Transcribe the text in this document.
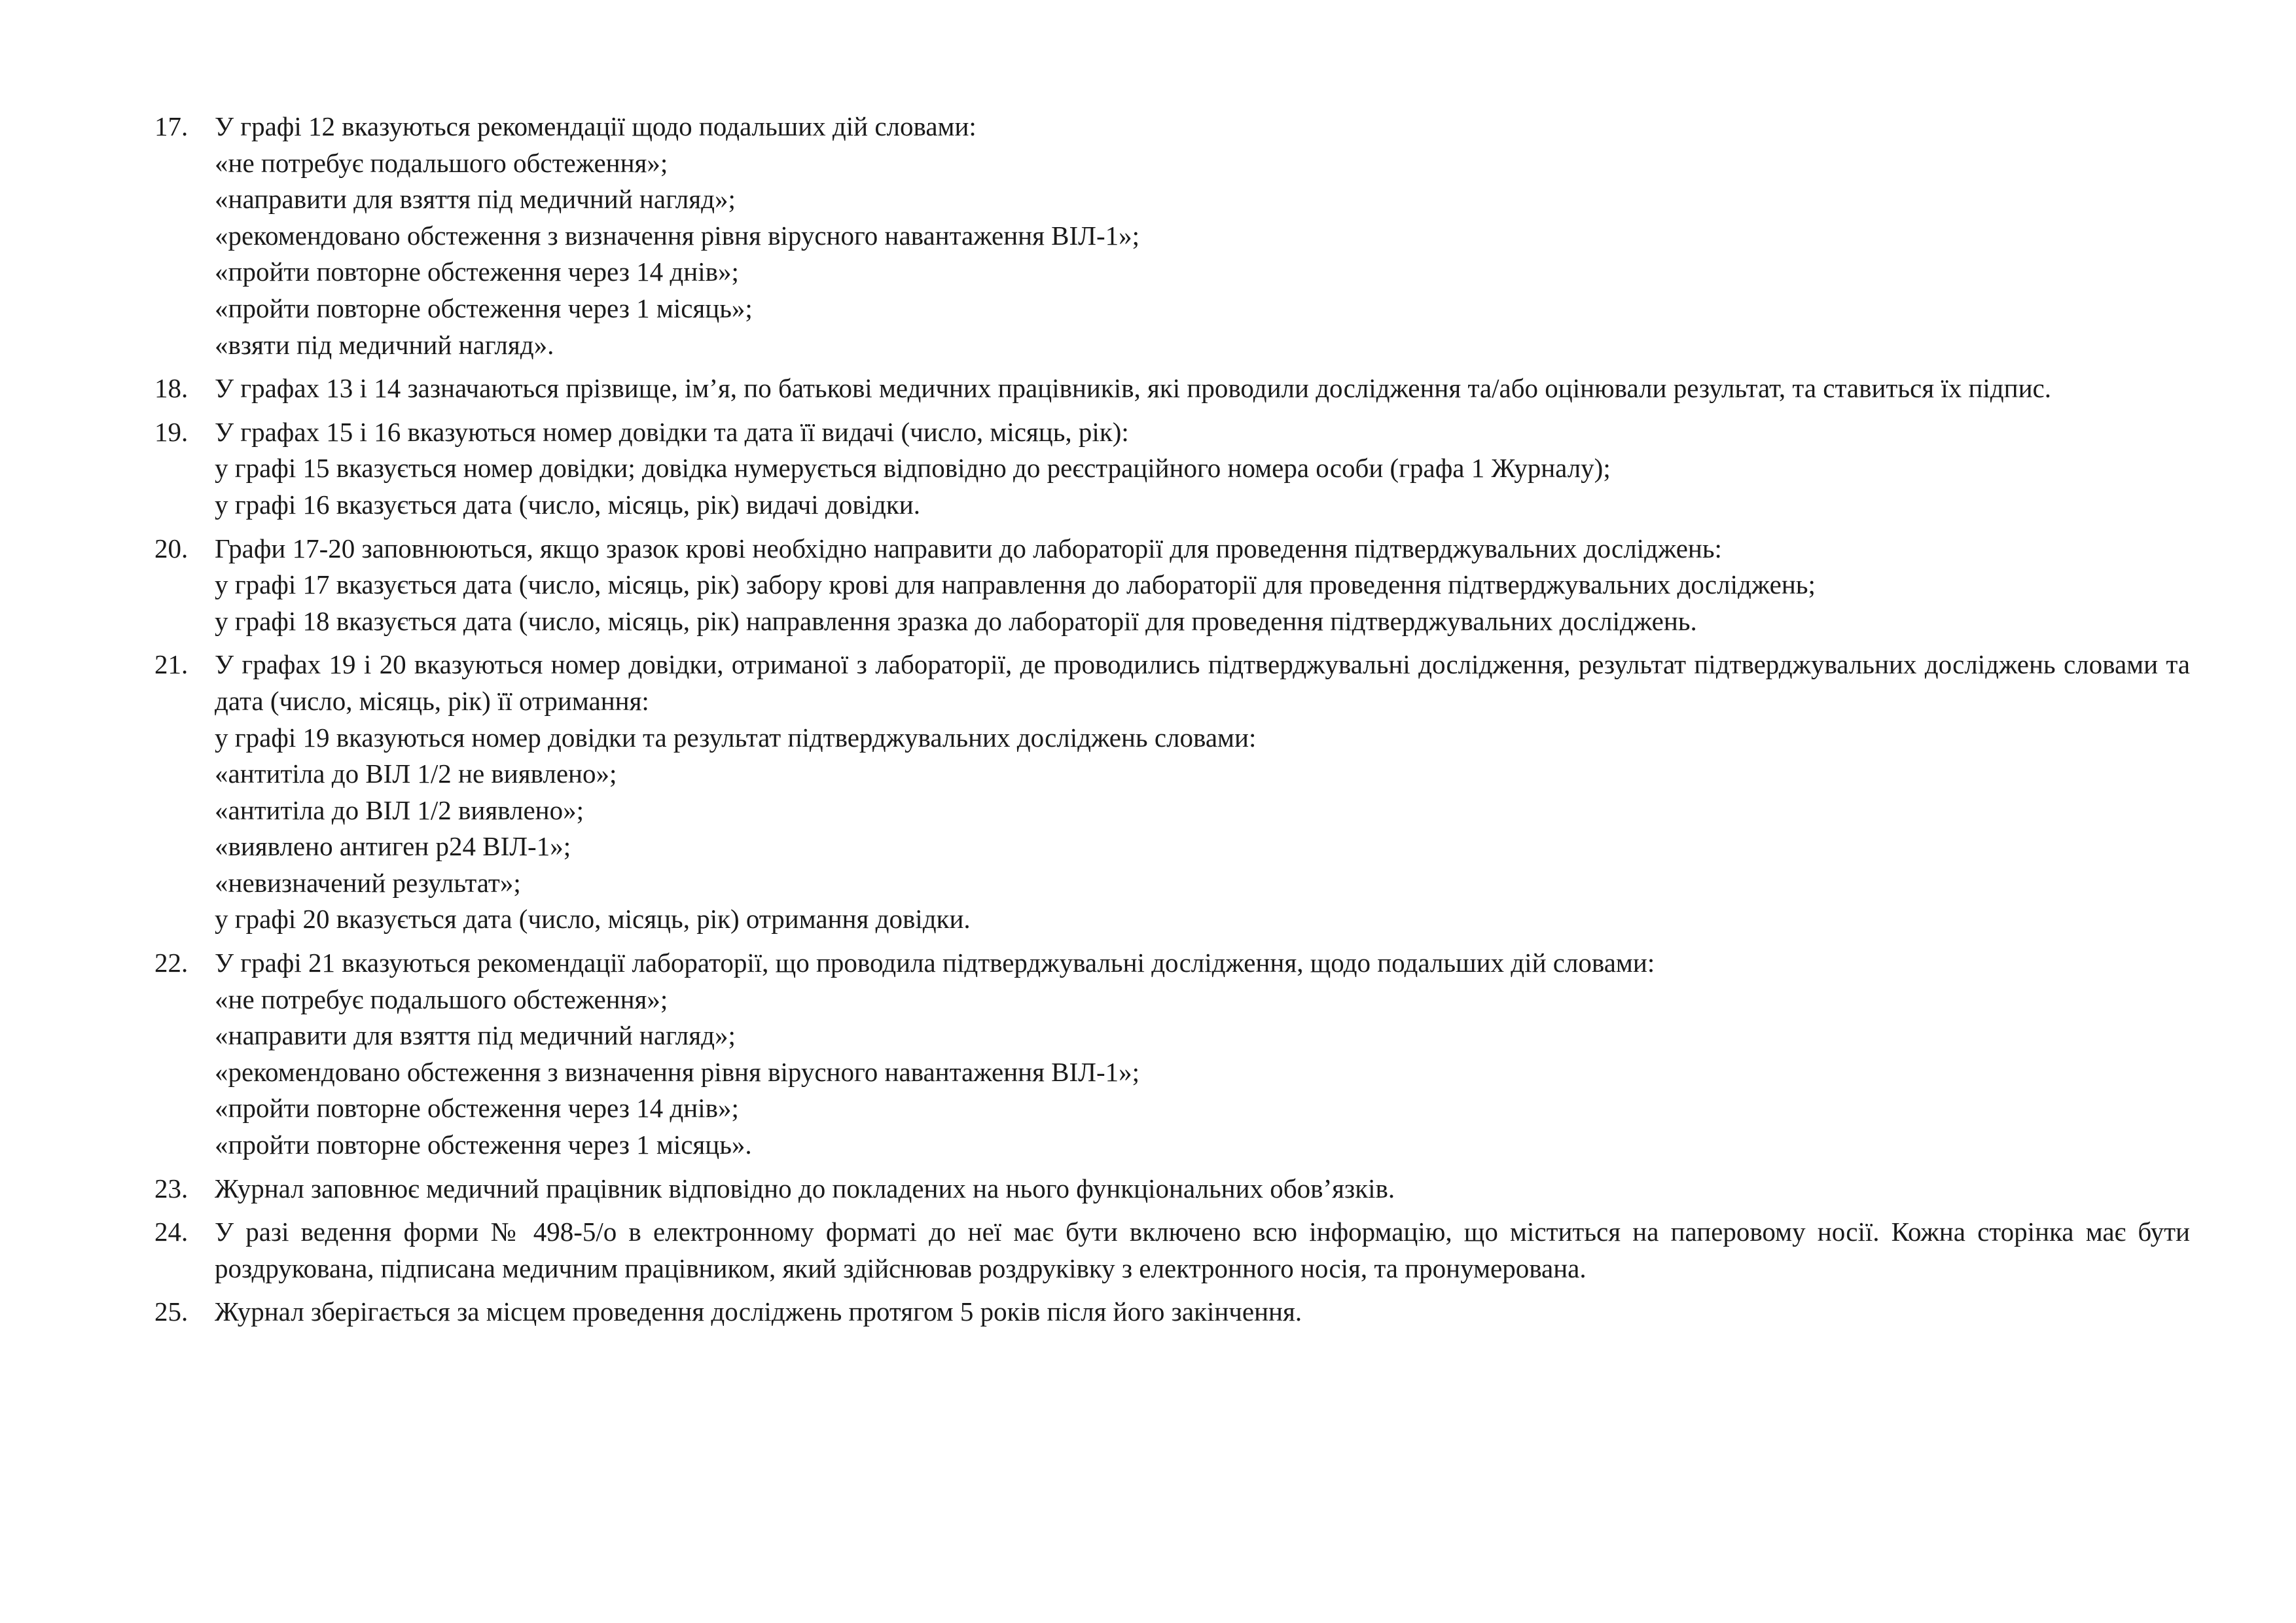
17. У графі 12 вказуються рекомендації щодо подальших дій словами:
«не потребує подальшого обстеження»;
«направити для взяття під медичний нагляд»;
«рекомендовано обстеження з визначення рівня вірусного навантаження ВІЛ-1»;
«пройти повторне обстеження через 14 днів»;
«пройти повторне обстеження через 1 місяць»;
«взяти під медичний нагляд».
18. У графах 13 і 14 зазначаються прізвище, ім’я, по батькові медичних працівників, які проводили дослідження та/або оцінювали результат, та ставиться їх підпис.
19. У графах 15 і 16 вказуються номер довідки та дата її видачі (число, місяць, рік):
у графі 15 вказується номер довідки; довідка нумерується відповідно до реєстраційного номера особи (графа 1 Журналу);
у графі 16 вказується дата (число, місяць, рік) видачі довідки.
20. Графи 17-20 заповнюються, якщо зразок крові необхідно направити до лабораторії для проведення підтверджувальних досліджень:
у графі 17 вказується дата (число, місяць, рік) забору крові для направлення до лабораторії для проведення підтверджувальних досліджень;
у графі 18 вказується дата (число, місяць, рік) направлення зразка до лабораторії для проведення підтверджувальних досліджень.
21. У графах 19 і 20 вказуються номер довідки, отриманої з лабораторії, де проводились підтверджувальні дослідження, результат підтверджувальних досліджень словами та дата (число, місяць, рік) її отримання:
у графі 19 вказуються номер довідки та результат підтверджувальних досліджень словами:
«антитіла до ВІЛ 1/2 не виявлено»;
«антитіла до ВІЛ 1/2 виявлено»;
«виявлено антиген p24 ВІЛ-1»;
«невизначений результат»;
у графі 20 вказується дата (число, місяць, рік) отримання довідки.
22. У графі 21 вказуються рекомендації лабораторії, що проводила підтверджувальні дослідження, щодо подальших дій словами:
«не потребує подальшого обстеження»;
«направити для взяття під медичний нагляд»;
«рекомендовано обстеження з визначення рівня вірусного навантаження ВІЛ-1»;
«пройти повторне обстеження через 14 днів»;
«пройти повторне обстеження через 1 місяць».
23. Журнал заповнює медичний працівник відповідно до покладених на нього функціональних обов’язків.
24. У разі ведення форми № 498-5/о в електронному форматі до неї має бути включено всю інформацію, що міститься на паперовому носії. Кожна сторінка має бути роздрукована, підписана медичним працівником, який здійснював роздруківку з електронного носія, та пронумерована.
25. Журнал зберігається за місцем проведення досліджень протягом 5 років після його закінчення.
